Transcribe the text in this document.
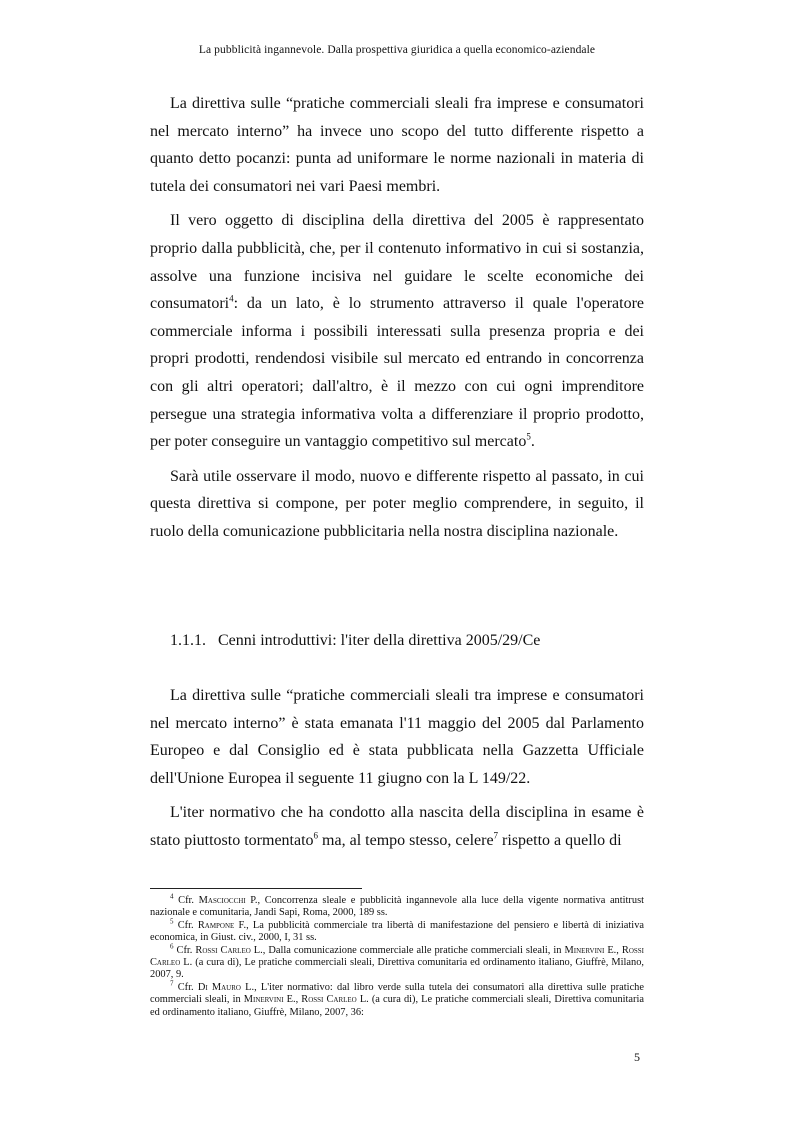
La pubblicità ingannevole. Dalla prospettiva giuridica a quella economico-aziendale

La direttiva sulle “pratiche commerciali sleali fra imprese e consumatori nel mercato interno” ha invece uno scopo del tutto differente rispetto a quanto detto pocanzi: punta ad uniformare le norme nazionali in materia di tutela dei consumatori nei vari Paesi membri.

Il vero oggetto di disciplina della direttiva del 2005 è rappresentato proprio dalla pubblicità, che, per il contenuto informativo in cui si sostanzia, assolve una funzione incisiva nel guidare le scelte economiche dei consumatori$^4$: da un lato, è lo strumento attraverso il quale l'operatore commerciale informa i possibili interessati sulla presenza propria e dei propri prodotti, rendendosi visibile sul mercato ed entrando in concorrenza con gli altri operatori; dall'altro, è il mezzo con cui ogni imprenditore persegue una strategia informativa volta a differenziare il proprio prodotto, per poter conseguire un vantaggio competitivo sul mercato$^5$.

Sarà utile osservare il modo, nuovo e differente rispetto al passato, in cui questa direttiva si compone, per poter meglio comprendere, in seguito, il ruolo della comunicazione pubblicitaria nella nostra disciplina nazionale.

1.1.1. Cenni introduttivi: l'iter della direttiva 2005/29/Ce

La direttiva sulle “pratiche commerciali sleali tra imprese e consumatori nel mercato interno” è stata emanata l'11 maggio del 2005 dal Parlamento Europeo e dal Consiglio ed è stata pubblicata nella Gazzetta Ufficiale dell'Unione Europea il seguente 11 giugno con la L 149/22.

L'iter normativo che ha condotto alla nascita della disciplina in esame è stato piuttosto tormentato$^6$ ma, al tempo stesso, celere$^7$ rispetto a quello di

$^4$ Cfr. Masciocchi P., Concorrenza sleale e pubblicità ingannevole alla luce della vigente normativa antitrust nazionale e comunitaria, Jandi Sapi, Roma, 2000, 189 ss.

$^5$ Cfr. Rampone F., La pubblicità commerciale tra libertà di manifestazione del pensiero e libertà di iniziativa economica, in Giust. civ., 2000, I, 31 ss.

$^6$ Cfr. Rossi Carleo L., Dalla comunicazione commerciale alle pratiche commerciali sleali, in Minervini E., Rossi Carleo L. (a cura di), Le pratiche commerciali sleali, Direttiva comunitaria ed ordinamento italiano, Giuffrè, Milano, 2007, 9.

$^7$ Cfr. Di Mauro L., L'iter normativo: dal libro verde sulla tutela dei consumatori alla direttiva sulle pratiche commerciali sleali, in Minervini E., Rossi Carleo L. (a cura di), Le pratiche commerciali sleali, Direttiva comunitaria ed ordinamento italiano, Giuffrè, Milano, 2007, 36:

5
